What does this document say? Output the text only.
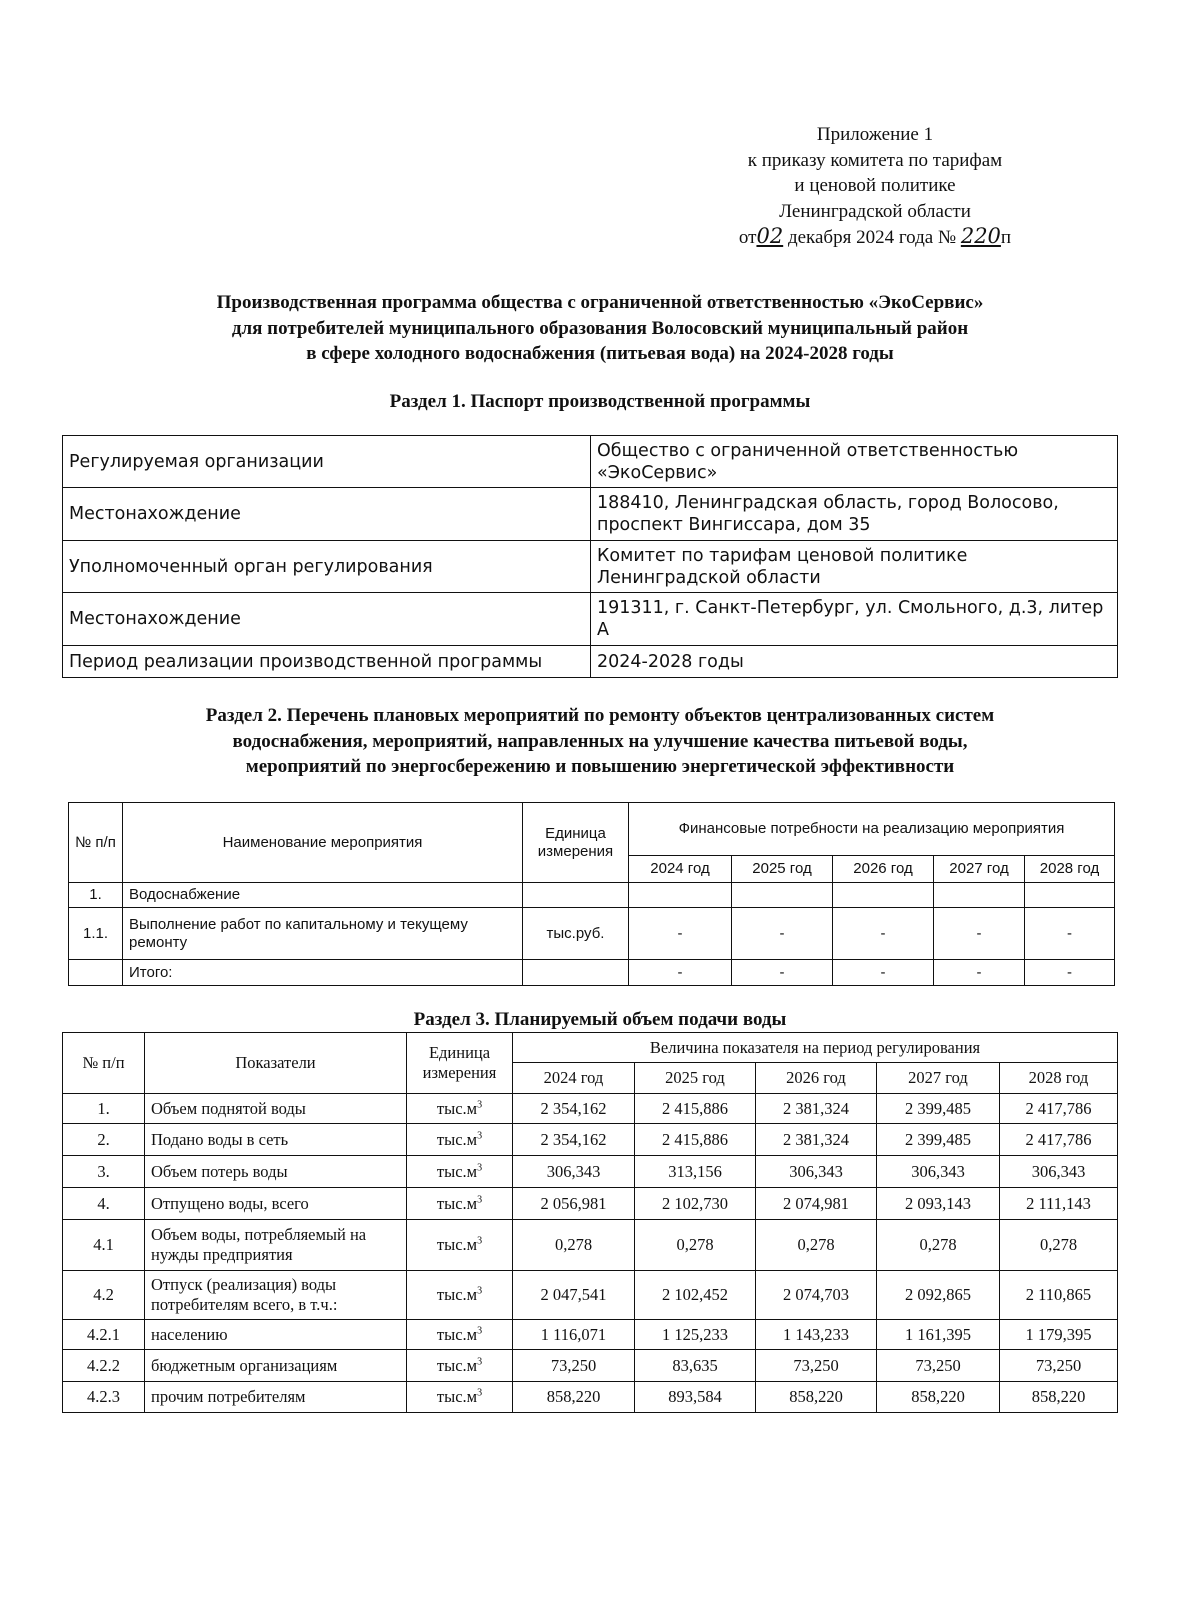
Приложение 1
к приказу комитета по тарифам
и ценовой политике
Ленинградской области
от02 декабря 2024 года № 220п
Производственная программа общества с ограниченной ответственностью «ЭкоСервис»
для потребителей муниципального образования Волосовский муниципальный район
в сфере холодного водоснабжения (питьевая вода) на 2024-2028 годы
Раздел 1. Паспорт производственной программы
Регулируемая организации	Общество с ограниченной ответственностью «ЭкоСервис»
Местонахождение	188410, Ленинградская область, город Волосово, проспект Вингиссара, дом 35
Уполномоченный орган регулирования	Комитет по тарифам ценовой политике Ленинградской области
Местонахождение	191311, г. Санкт-Петербург, ул. Смольного, д.3, литер А
Период реализации производственной программы	2024-2028 годы
Раздел 2. Перечень плановых мероприятий по ремонту объектов централизованных систем
водоснабжения, мероприятий, направленных на улучшение качества питьевой воды,
мероприятий по энергосбережению и повышению энергетической эффективности
№ п/п	Наименование мероприятия	Единица измерения	Финансовые потребности на реализацию мероприятия				
			2024 год	2025 год	2026 год	2027 год	2028 год
1.	Водоснабжение						
1.1.	Выполнение работ по капитальному и текущему ремонту	тыс.руб.	-	-	-	-	-
	Итого:		-	-	-	-	-
Раздел 3. Планируемый объем подачи воды
№ п/п	Показатели	Единица измерения	Величина показателя на период регулирования				
			2024 год	2025 год	2026 год	2027 год	2028 год
1.	Объем поднятой воды	$тыс.м^3$	2 354,162	2 415,886	2 381,324	2 399,485	2 417,786
2.	Подано воды в сеть	$тыс.м^3$	2 354,162	2 415,886	2 381,324	2 399,485	2 417,786
3.	Объем потерь воды	$тыс.м^3$	306,343	313,156	306,343	306,343	306,343
4.	Отпущено воды, всего	$тыс.м^3$	2 056,981	2 102,730	2 074,981	2 093,143	2 111,143
4.1	Объем воды, потребляемый на нужды предприятия	$тыс.м^3$	0,278	0,278	0,278	0,278	0,278
4.2	Отпуск (реализация) воды потребителям всего, в т.ч.:	$тыс.м^3$	2 047,541	2 102,452	2 074,703	2 092,865	2 110,865
4.2.1	населению	$тыс.м^3$	1 116,071	1 125,233	1 143,233	1 161,395	1 179,395
4.2.2	бюджетным организациям	$тыс.м^3$	73,250	83,635	73,250	73,250	73,250
4.2.3	прочим потребителям	$тыс.м^3$	858,220	893,584	858,220	858,220	858,220
